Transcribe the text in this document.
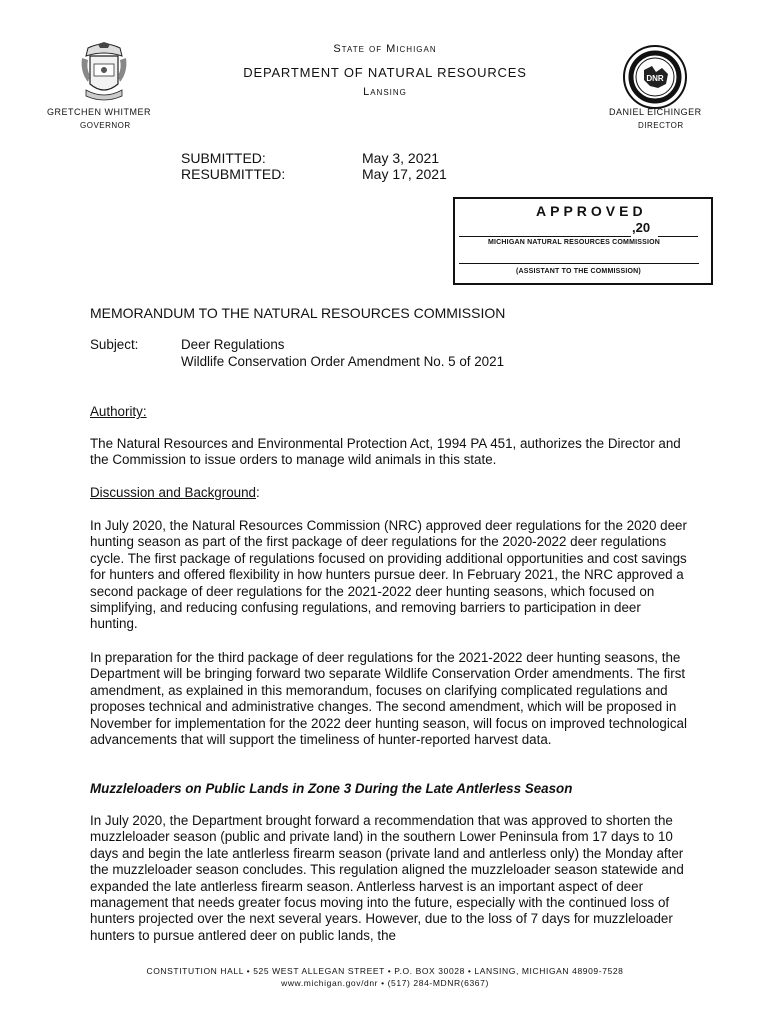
DNR
State of Michigan
DEPARTMENT OF NATURAL RESOURCES
Lansing
GRETCHEN WHITMER
GOVERNOR
DANIEL EICHINGER
DIRECTOR
SUBMITTED:	May 3, 2021
RESUBMITTED:	May 17, 2021
APPROVED
,20
MICHIGAN NATURAL RESOURCES COMMISSION
(ASSISTANT TO THE COMMISSION)
MEMORANDUM TO THE NATURAL RESOURCES COMMISSION
Subject:	Deer Regulations
Wildlife Conservation Order Amendment No. 5 of 2021
Authority:
The Natural Resources and Environmental Protection Act, 1994 PA 451, authorizes the Director and the Commission to issue orders to manage wild animals in this state.
Discussion and Background:
In July 2020, the Natural Resources Commission (NRC) approved deer regulations for the 2020 deer hunting season as part of the first package of deer regulations for the 2020-2022 deer regulations cycle. The first package of regulations focused on providing additional opportunities and cost savings for hunters and offered flexibility in how hunters pursue deer. In February 2021, the NRC approved a second package of deer regulations for the 2021-2022 deer hunting seasons, which focused on simplifying, and reducing confusing regulations, and removing barriers to participation in deer hunting.
In preparation for the third package of deer regulations for the 2021-2022 deer hunting seasons, the Department will be bringing forward two separate Wildlife Conservation Order amendments. The first amendment, as explained in this memorandum, focuses on clarifying complicated regulations and proposes technical and administrative changes. The second amendment, which will be proposed in November for implementation for the 2022 deer hunting season, will focus on improved technological advancements that will support the timeliness of hunter-reported harvest data.
Muzzleloaders on Public Lands in Zone 3 During the Late Antlerless Season
In July 2020, the Department brought forward a recommendation that was approved to shorten the muzzleloader season (public and private land) in the southern Lower Peninsula from 17 days to 10 days and begin the late antlerless firearm season (private land and antlerless only) the Monday after the muzzleloader season concludes. This regulation aligned the muzzleloader season statewide and expanded the late antlerless firearm season. Antlerless harvest is an important aspect of deer management that needs greater focus moving into the future, especially with the continued loss of hunters projected over the next several years. However, due to the loss of 7 days for muzzleloader hunters to pursue antlered deer on public lands, the
CONSTITUTION HALL • 525 WEST ALLEGAN STREET • P.O. BOX 30028 • LANSING, MICHIGAN 48909-7528
www.michigan.gov/dnr • (517) 284-MDNR(6367)
